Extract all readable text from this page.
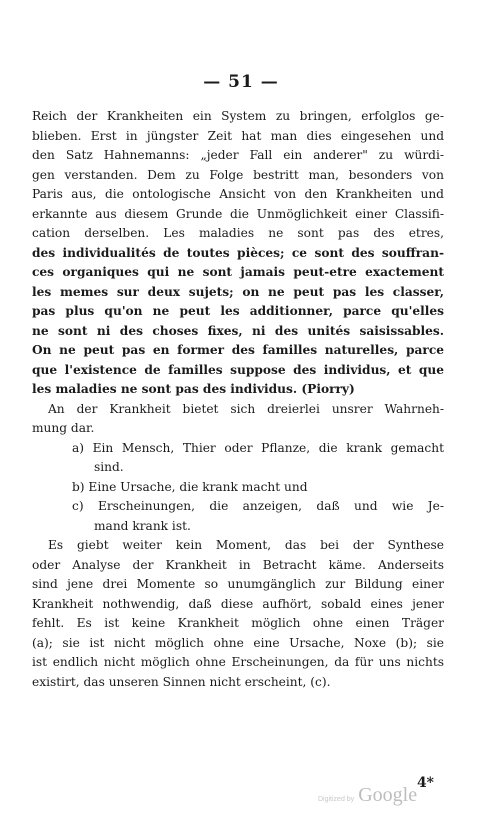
— 51 —
Reich der Krankheiten ein System zu bringen, erfolglos ge-
blieben. Erst in jüngster Zeit hat man dies eingesehen und
den Satz Hahnemanns: „jeder Fall ein anderer" zu würdi-
gen verstanden. Dem zu Folge bestritt man, besonders von
Paris aus, die ontologische Ansicht von den Krankheiten und
erkannte aus diesem Grunde die Unmöglichkeit einer Classifi-
cation derselben. Les maladies ne sont pas des etres,
des individualités de toutes pièces; ce sont des souffran-
ces organiques qui ne sont jamais peut-etre exactement
les memes sur deux sujets; on ne peut pas les classer,
pas plus qu'on ne peut les additionner, parce qu'elles
ne sont ni des choses fixes, ni des unités saisissables.
On ne peut pas en former des familles naturelles, parce
que l'existence de familles suppose des individus, et que
les maladies ne sont pas des individus. (Piorry)
An der Krankheit bietet sich dreierlei unsrer Wahrneh-
mung dar.
a) Ein Mensch, Thier oder Pflanze, die krank gemacht
sind.
b) Eine Ursache, die krank macht und
c) Erscheinungen, die anzeigen, daß und wie Je-
mand krank ist.
Es giebt weiter kein Moment, das bei der Synthese
oder Analyse der Krankheit in Betracht käme. Anderseits
sind jene drei Momente so unumgänglich zur Bildung einer
Krankheit nothwendig, daß diese aufhört, sobald eines jener
fehlt. Es ist keine Krankheit möglich ohne einen Träger
(a); sie ist nicht möglich ohne eine Ursache, Noxe (b); sie
ist endlich nicht möglich ohne Erscheinungen, da für uns nichts
existirt, das unseren Sinnen nicht erscheint, (c).
4*
Digitized by Google
